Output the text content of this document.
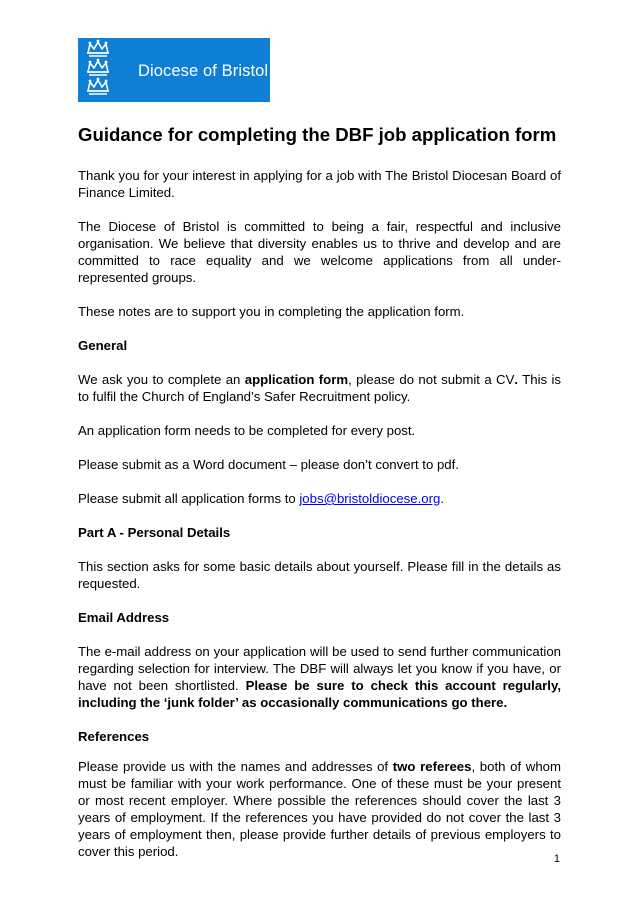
Diocese of Bristol
Guidance for completing the DBF job application form

Thank you for your interest in applying for a job with The Bristol Diocesan Board of Finance Limited.

The Diocese of Bristol is committed to being a fair, respectful and inclusive organisation. We believe that diversity enables us to thrive and develop and are committed to race equality and we welcome applications from all under-represented groups.

These notes are to support you in completing the application form.

General

We ask you to complete an application form, please do not submit a CV. This is to fulfil the Church of England’s Safer Recruitment policy.

An application form needs to be completed for every post.

Please submit as a Word document – please don’t convert to pdf.

Please submit all application forms to jobs@bristoldiocese.org.

Part A - Personal Details

This section asks for some basic details about yourself. Please fill in the details as requested.

Email Address

The e-mail address on your application will be used to send further communication regarding selection for interview. The DBF will always let you know if you have, or have not been shortlisted. Please be sure to check this account regularly, including the ‘junk folder’ as occasionally communications go there.

References

Please provide us with the names and addresses of two referees, both of whom must be familiar with your work performance. One of these must be your present or most recent employer. Where possible the references should cover the last 3 years of employment. If the references you have provided do not cover the last 3 years of employment then, please provide further details of previous employers to cover this period.	1
